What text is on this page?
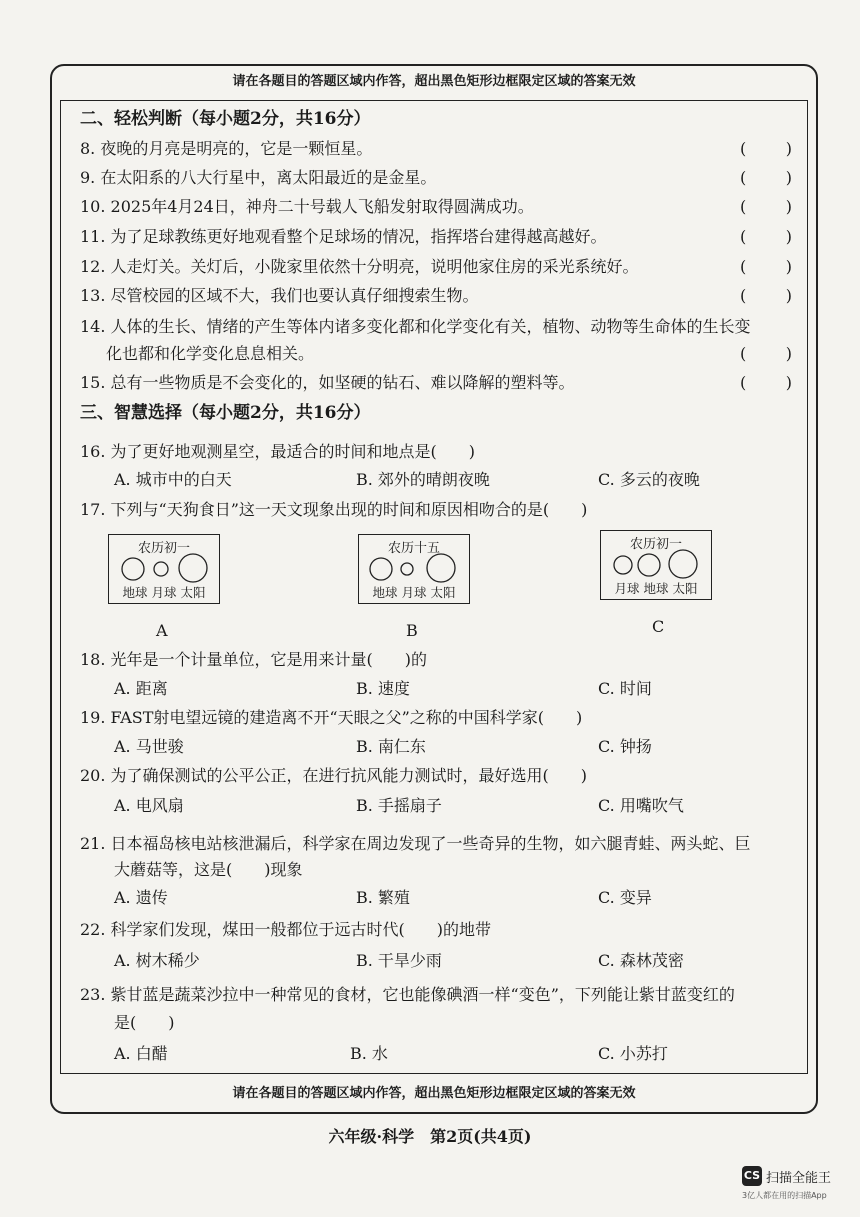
请在各题目的答题区域内作答，超出黑色矩形边框限定区域的答案无效
请在各题目的答题区域内作答，超出黑色矩形边框限定区域的答案无效
二、轻松判断（每小题2分，共16分）
8. 夜晚的月亮是明亮的，它是一颗恒星。	( )
9. 在太阳系的八大行星中，离太阳最近的是金星。	( )
10. 2025年4月24日，神舟二十号载人飞船发射取得圆满成功。	( )
11. 为了足球教练更好地观看整个足球场的情况，指挥塔台建得越高越好。	( )
12. 人走灯关。关灯后，小陇家里依然十分明亮，说明他家住房的采光系统好。	( )
13. 尽管校园的区域不大，我们也要认真仔细搜索生物。	( )
14. 人体的生长、情绪的产生等体内诸多变化都和化学变化有关，植物、动物等生命体的生长变
化也都和化学变化息息相关。	( )
15. 总有一些物质是不会变化的，如坚硬的钻石、难以降解的塑料等。	( )
三、智慧选择（每小题2分，共16分）
16. 为了更好地观测星空，最适合的时间和地点是(　　)
A. 城市中的白天	B. 郊外的晴朗夜晚	C. 多云的夜晚
17. 下列与“天狗食日”这一天文现象出现的时间和原因相吻合的是(　　)
农历初一
地球 月球 太阳
A
农历十五
地球 月球 太阳
B
农历初一
月球 地球 太阳
C
18. 光年是一个计量单位，它是用来计量(　　)的
A. 距离	B. 速度	C. 时间
19. FAST射电望远镜的建造离不开“天眼之父”之称的中国科学家(　　)
A. 马世骏	B. 南仁东	C. 钟扬
20. 为了确保测试的公平公正，在进行抗风能力测试时，最好选用(　　)
A. 电风扇	B. 手摇扇子	C. 用嘴吹气
21. 日本福岛核电站核泄漏后，科学家在周边发现了一些奇异的生物，如六腿青蛙、两头蛇、巨
大蘑菇等，这是(　　)现象
A. 遗传	B. 繁殖	C. 变异
22. 科学家们发现，煤田一般都位于远古时代(　　)的地带
A. 树木稀少	B. 干旱少雨	C. 森林茂密
23. 紫甘蓝是蔬菜沙拉中一种常见的食材，它也能像碘酒一样“变色”，下列能让紫甘蓝变红的
是(　　)
A. 白醋	B. 水	C. 小苏打
六年级·科学　第2页(共4页)
CS 扫描全能王
3亿人都在用的扫描App
